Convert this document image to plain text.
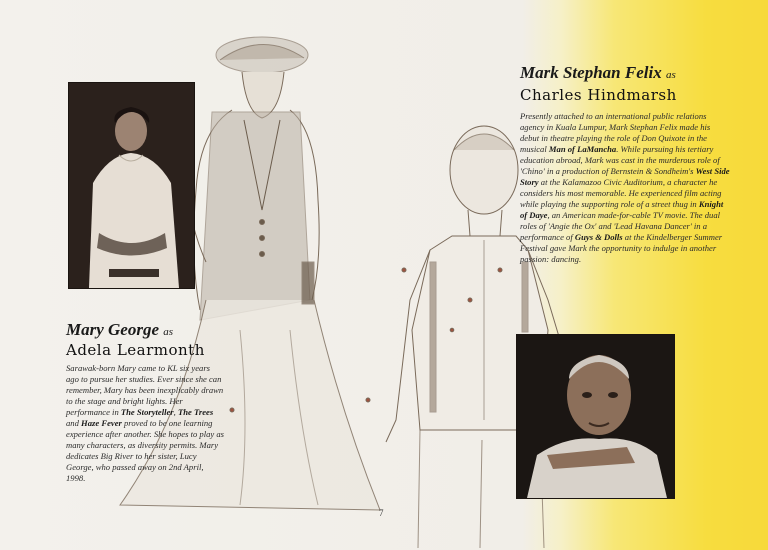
Mark Stephan Felix as
Charles Hindmarsh
Presently attached to an international public relations agency in Kuala Lumpur, Mark Stephan Felix made his debut in theatre playing the role of Don Quixote in the musical Man of LaMancha. While pursuing his tertiary education abroad, Mark was cast in the murderous role of 'Chino' in a production of Bernstein & Sondheim's West Side Story at the Kalamazoo Civic Auditorium, a character he considers his most memorable. He experienced film acting while playing the supporting role of a street thug in Knight of Daye, an American made-for-cable TV movie. The dual roles of 'Angie the Ox' and 'Lead Havana Dancer' in a performance of Guys & Dolls at the Kindelberger Summer Festival gave Mark the opportunity to indulge in another passion: dancing.
Mary George as
Adela Learmonth
Sarawak-born Mary came to KL six years ago to pursue her studies. Ever since she can remember, Mary has been inexplicably drawn to the stage and bright lights. Her performance in The Storyteller, The Trees and Haze Fever proved to be one learning experience after another. She hopes to play as many characters, as diversity permits. Mary dedicates Big River to her sister, Lucy George, who passed away on 2nd April, 1998.
7
